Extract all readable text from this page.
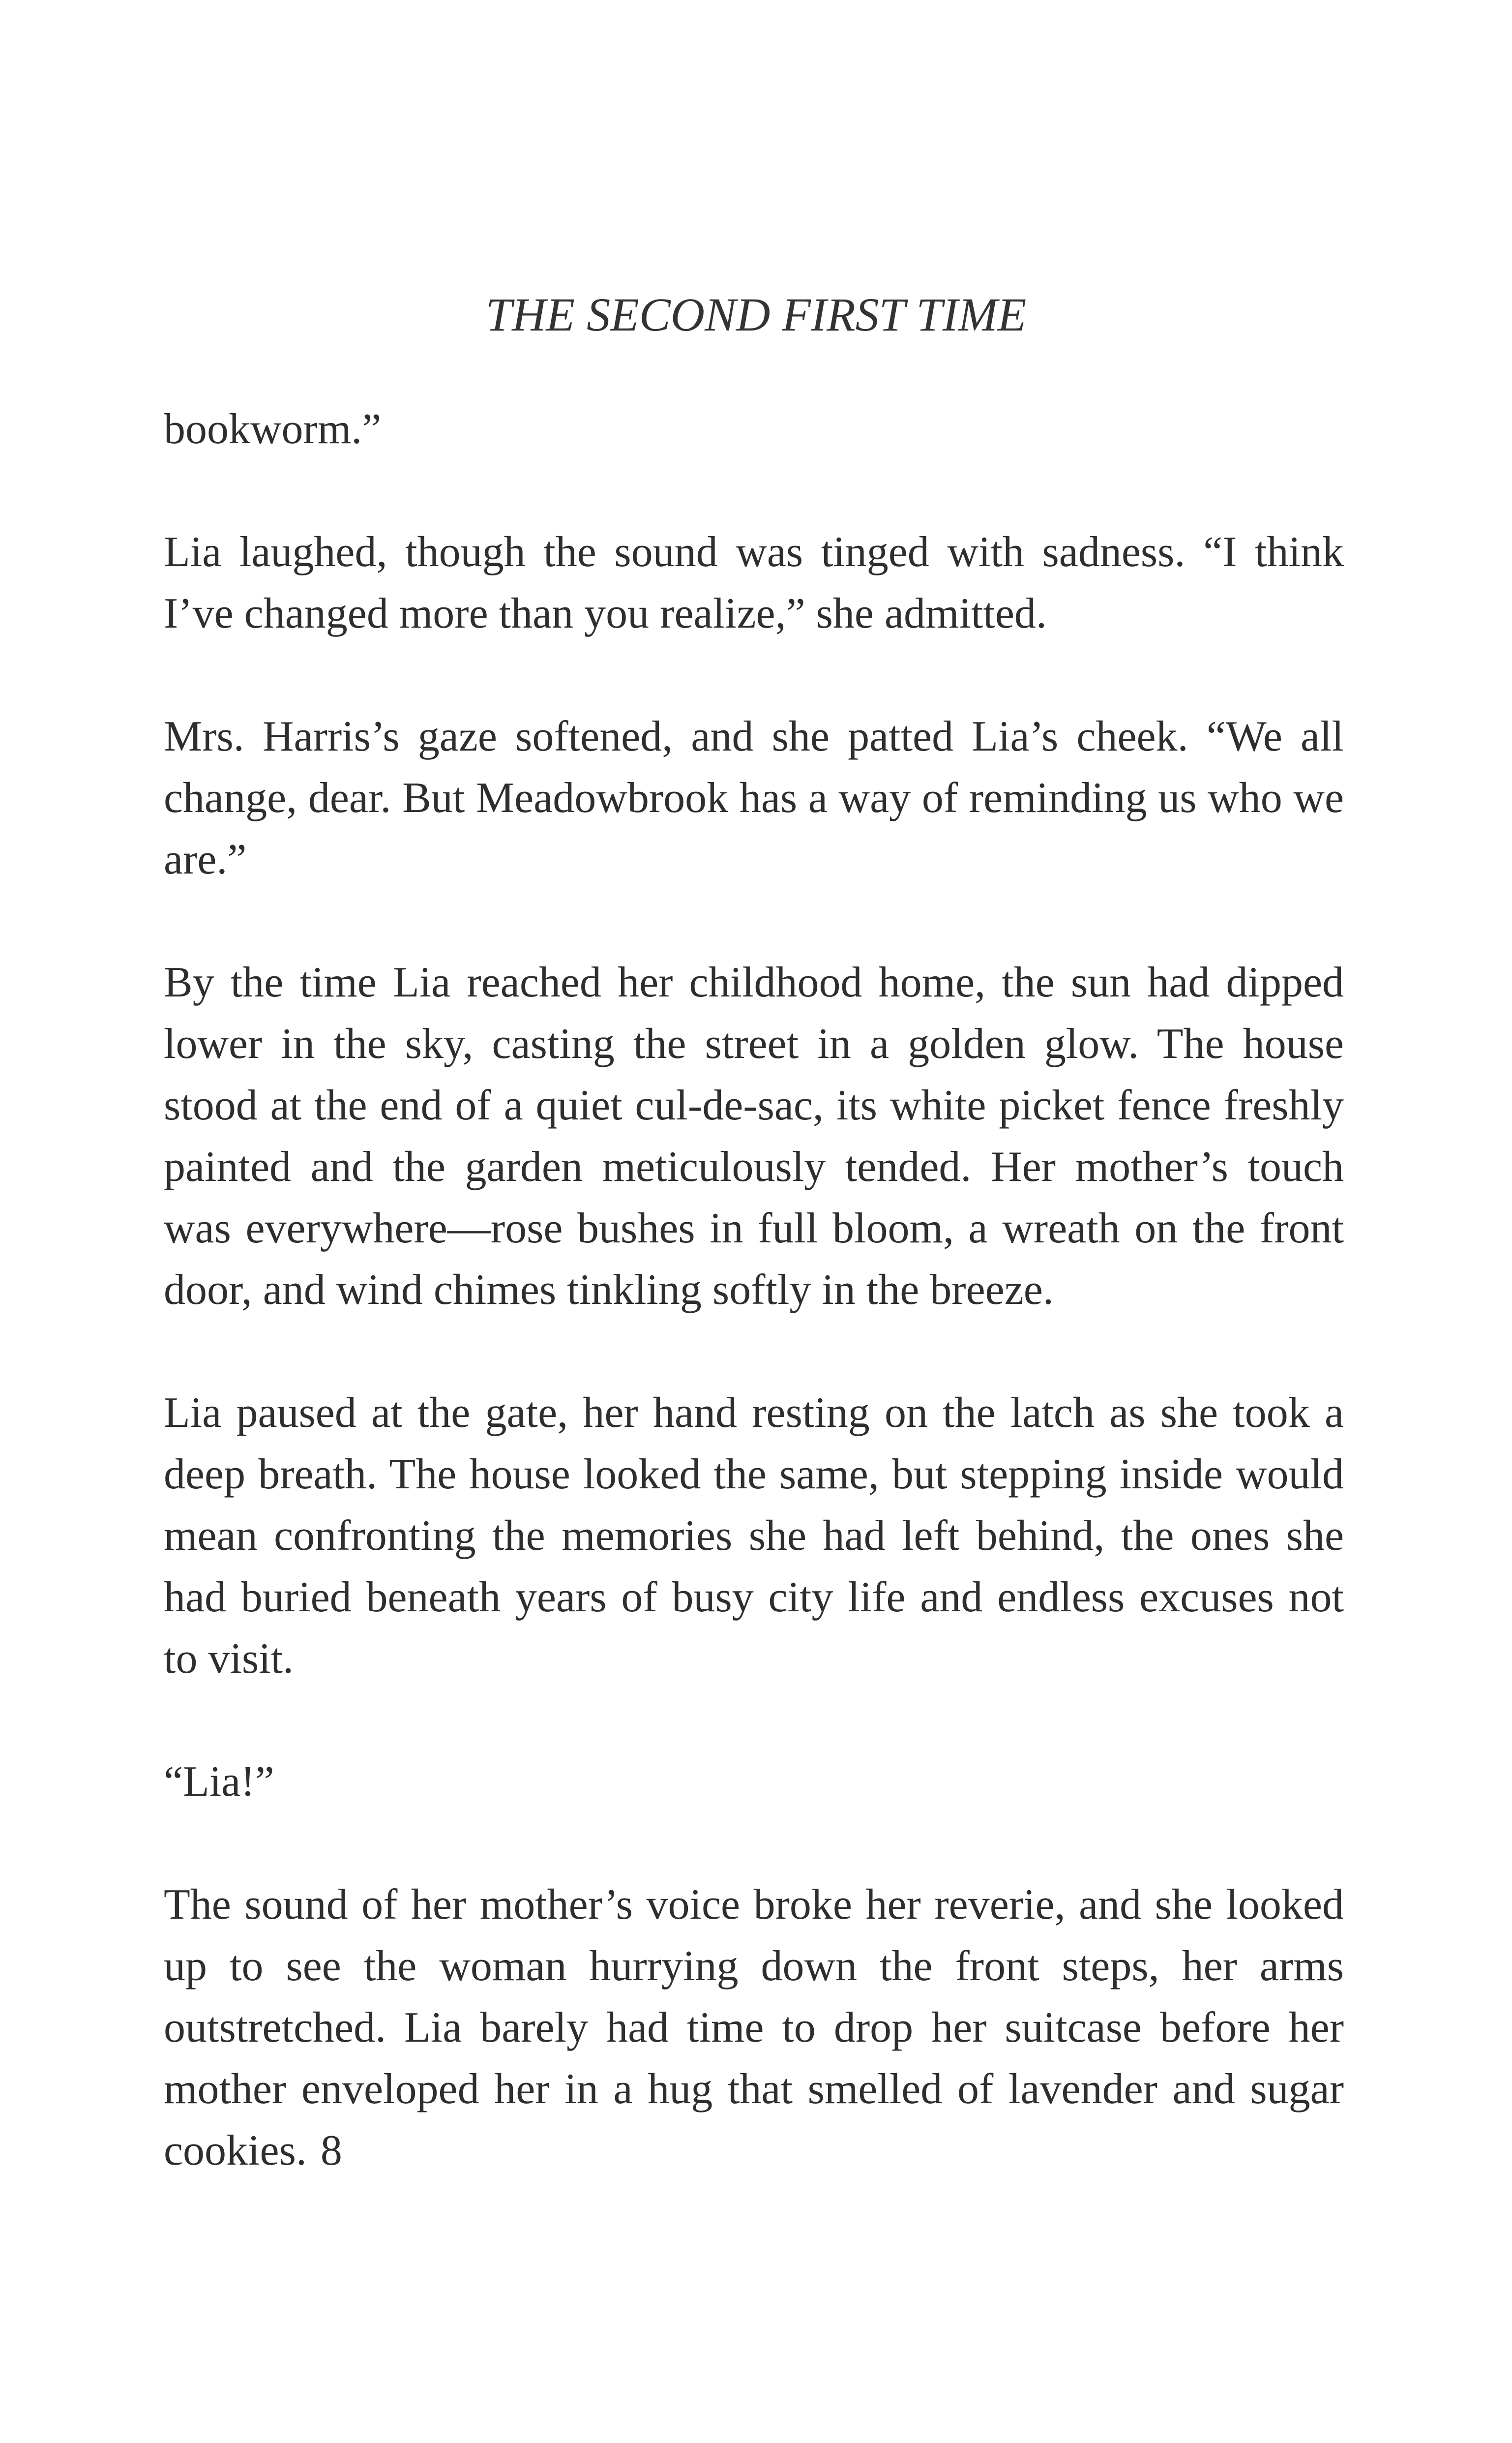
THE SECOND FIRST TIME

bookworm.”

Lia laughed, though the sound was tinged with sadness. “I think I’ve changed more than you realize,” she admitted.

Mrs. Harris’s gaze softened, and she patted Lia’s cheek. “We all change, dear. But Meadowbrook has a way of reminding us who we are.”

By the time Lia reached her childhood home, the sun had dipped lower in the sky, casting the street in a golden glow. The house stood at the end of a quiet cul-de-sac, its white picket fence freshly painted and the garden meticulously tended. Her mother’s touch was everywhere—rose bushes in full bloom, a wreath on the front door, and wind chimes tinkling softly in the breeze.

Lia paused at the gate, her hand resting on the latch as she took a deep breath. The house looked the same, but stepping inside would mean confronting the memories she had left behind, the ones she had buried beneath years of busy city life and endless excuses not to visit.

“Lia!”

The sound of her mother’s voice broke her reverie, and she looked up to see the woman hurrying down the front steps, her arms outstretched. Lia barely had time to drop her suitcase before her mother enveloped her in a hug that smelled of lavender and sugar cookies. 8
